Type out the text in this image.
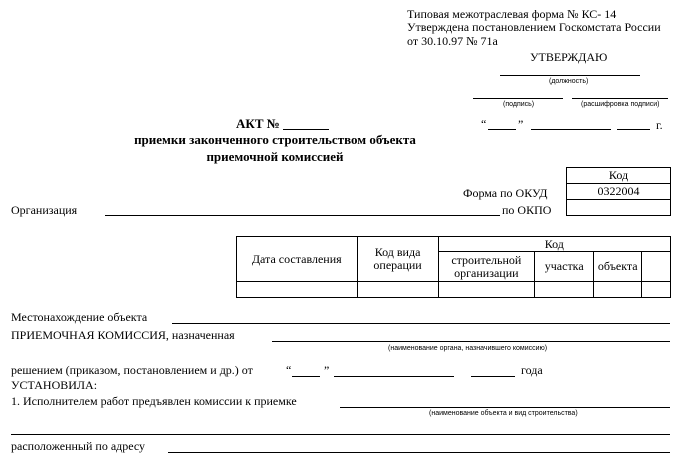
Типовая межотраслевая форма № КС- 14
Утверждена постановлением Госкомстата России
от 30.10.97 № 71а
УТВЕРЖДАЮ
(должность)
(подпись)	(расшифровка подписи)
“	”	г.
АКТ №
приемки законченного строительством объекта
приемочной комиссией
Код
0322004

Форма по ОКУД
по ОКПО
Организация
Дата составления	Код вида операции	Код			
		строительной организации	участка	объекта	

Местонахождение объекта
ПРИЕМОЧНАЯ КОМИССИЯ, назначенная
(наименование органа, назначившего комиссию)
решением (приказом, постановлением и др.) от	“	”	года
УСТАНОВИЛА:
1. Исполнителем работ предъявлен комиссии к приемке
(наименование объекта и вид строительства)
расположенный по адресу
